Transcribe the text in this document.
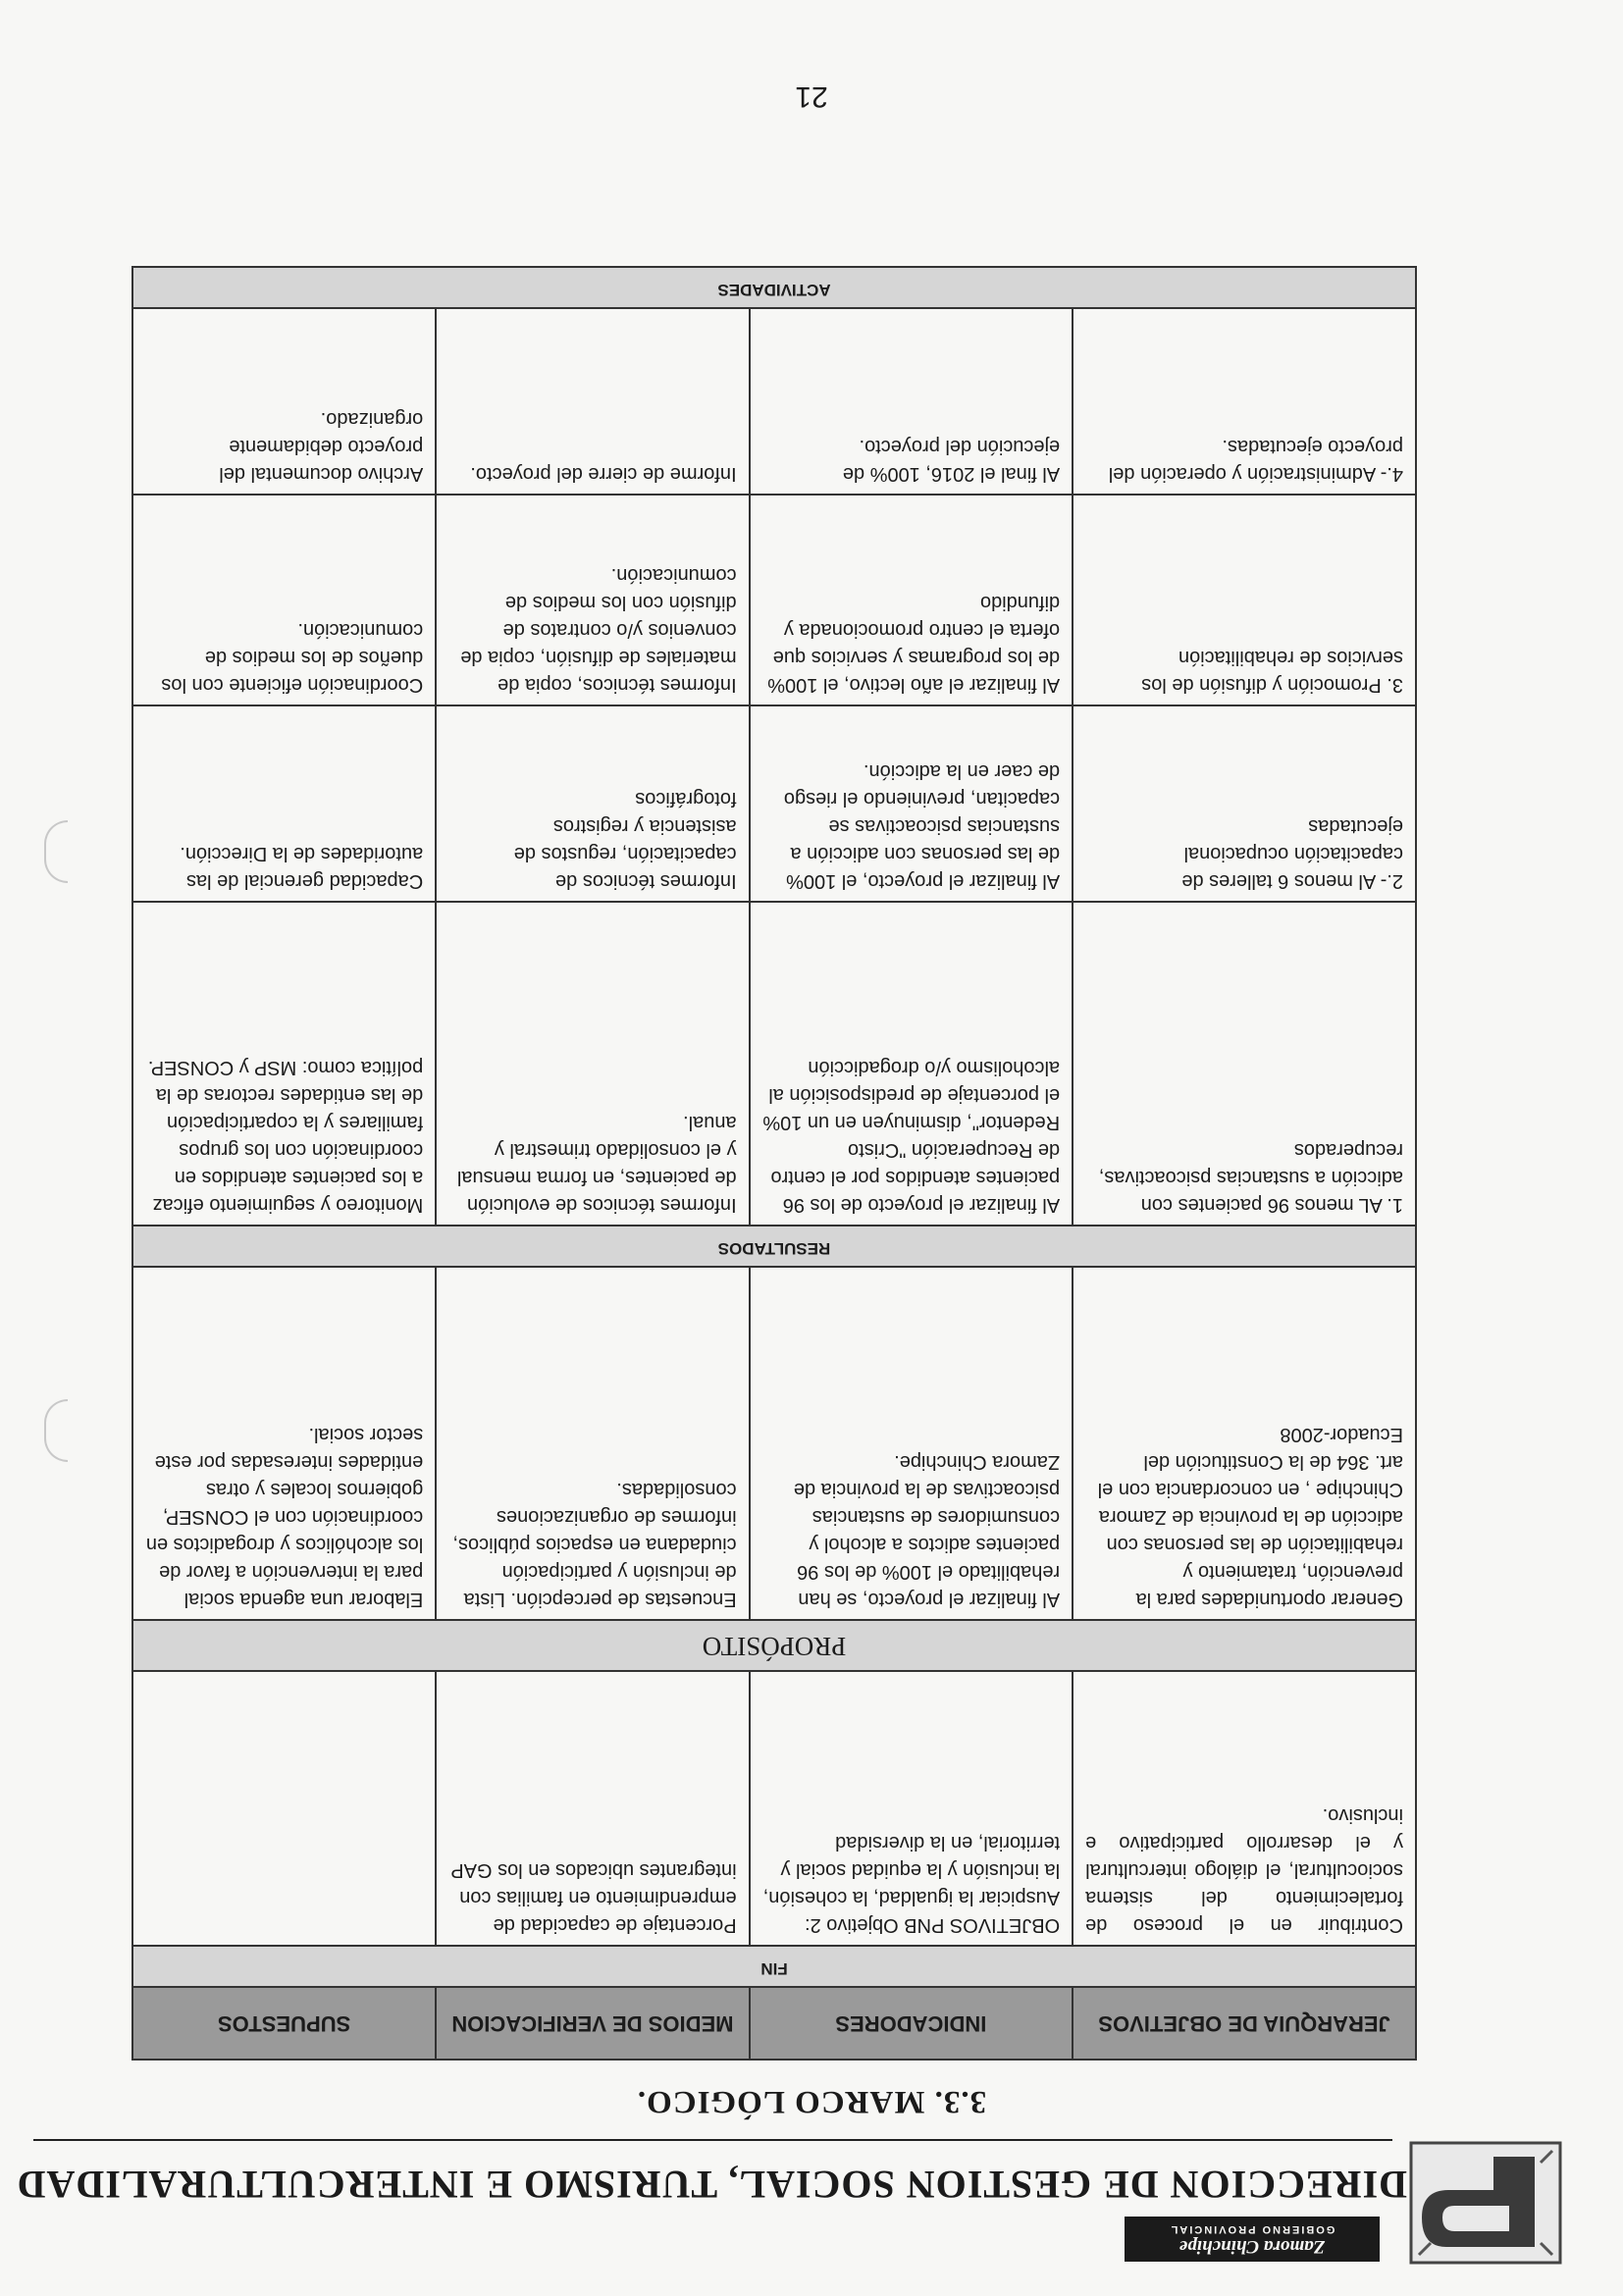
Zamora Chinchipe
GOBIERNO PROVINCIAL
DIRECCION DE GESTION SOCIAL, TURISMO E INTERCULTURALIDAD
3.3. MARCO LÓGICO.
JERARQUIA DE OBJETIVOS	INDICADORES	MEDIOS DE VERIFICACION	SUPUESTOS
FIN			
Contribuir en el proceso de fortalecimiento del sistema sociocultural, el diálogo intercultural y el desarrollo participativo e inclusivo.	OBJETIVOS PNB Objetivo 2: Auspiciar la igualdad, la cohesión, la inclusión y la equidad social y territorial, en la diversidad	Porcentaje de capacidad de emprendimiento en familias con integrantes ubicados en los GAP	
PROPÓSITO			
Generar oportunidades para la prevención, tratamiento y rehabilitación de las personas con adicción de la provincia de Zamora Chinchipe , en concordancia con el art. 364 de la Constitución del Ecuador-2008	Al finalizar el proyecto, se han rehabilitado el 100% de los 96 pacientes adictos a alcohol y consumidores de sustancias psicoactivas de la provincia de Zamora Chinchipe.	Encuestas de percepción. Lista de inclusión y participación ciudadana en espacios públicos, informes de organizaciones consolidadas.	Elaborar una agenda social para la intervención a favor de los alcohólicos y drogadictos en coordinación con el CONSEP, gobiernos locales y otras entidades interesadas por este sector social.
RESULTADOS			
1. AL menos 96 pacientes con adicción a sustancias psicoactivas, recuperados	Al finalizar el proyecto de los 96 pacientes atendidos por el centro de Recuperación "Cristo Redentor", disminuyen en un 10% el porcentaje de predisposición al alcoholismo y/o drogadicción	Informes técnicos de evolución de pacientes, en forma mensual y el consolidado trimestral y anual.	Monitoreo y seguimiento eficaz a los pacientes atendidos en coordinación con los grupos familiares y la coparticipación de las entidades rectoras de la política como: MSP y CONSEP.
2.- Al menos 6 talleres de capacitación ocupacional ejecutadas	Al finalizar el proyecto, el 100% de las personas con adicción a sustancias psicoactivas se capacitan, previniendo el riesgo de caer en la adicción.	Informes técnicos de capacitación, regustos de asistencia y registros fotográficos	Capacidad gerencial de las autoridades de la Dirección.
3. Promoción y difusión de los servicios de rehabilitación	Al finalizar el año lectivo, el 100% de los programas y servicios que oferta el centro promocionada y difundido	Informes técnicos, copia de materiales de difusión, copia de convenios y/o contratos de difusión con los medios de comunicación.	Coordinación eficiente con los dueños de los medios de comunicación.
4.- Administración y operación del proyecto ejecutadas.	Al final el 2016, 100% de ejecución del proyecto.	Informe de cierre del proyecto.	Archivo documental del proyecto debidamente organizado.
ACTIVIDADES			
21
